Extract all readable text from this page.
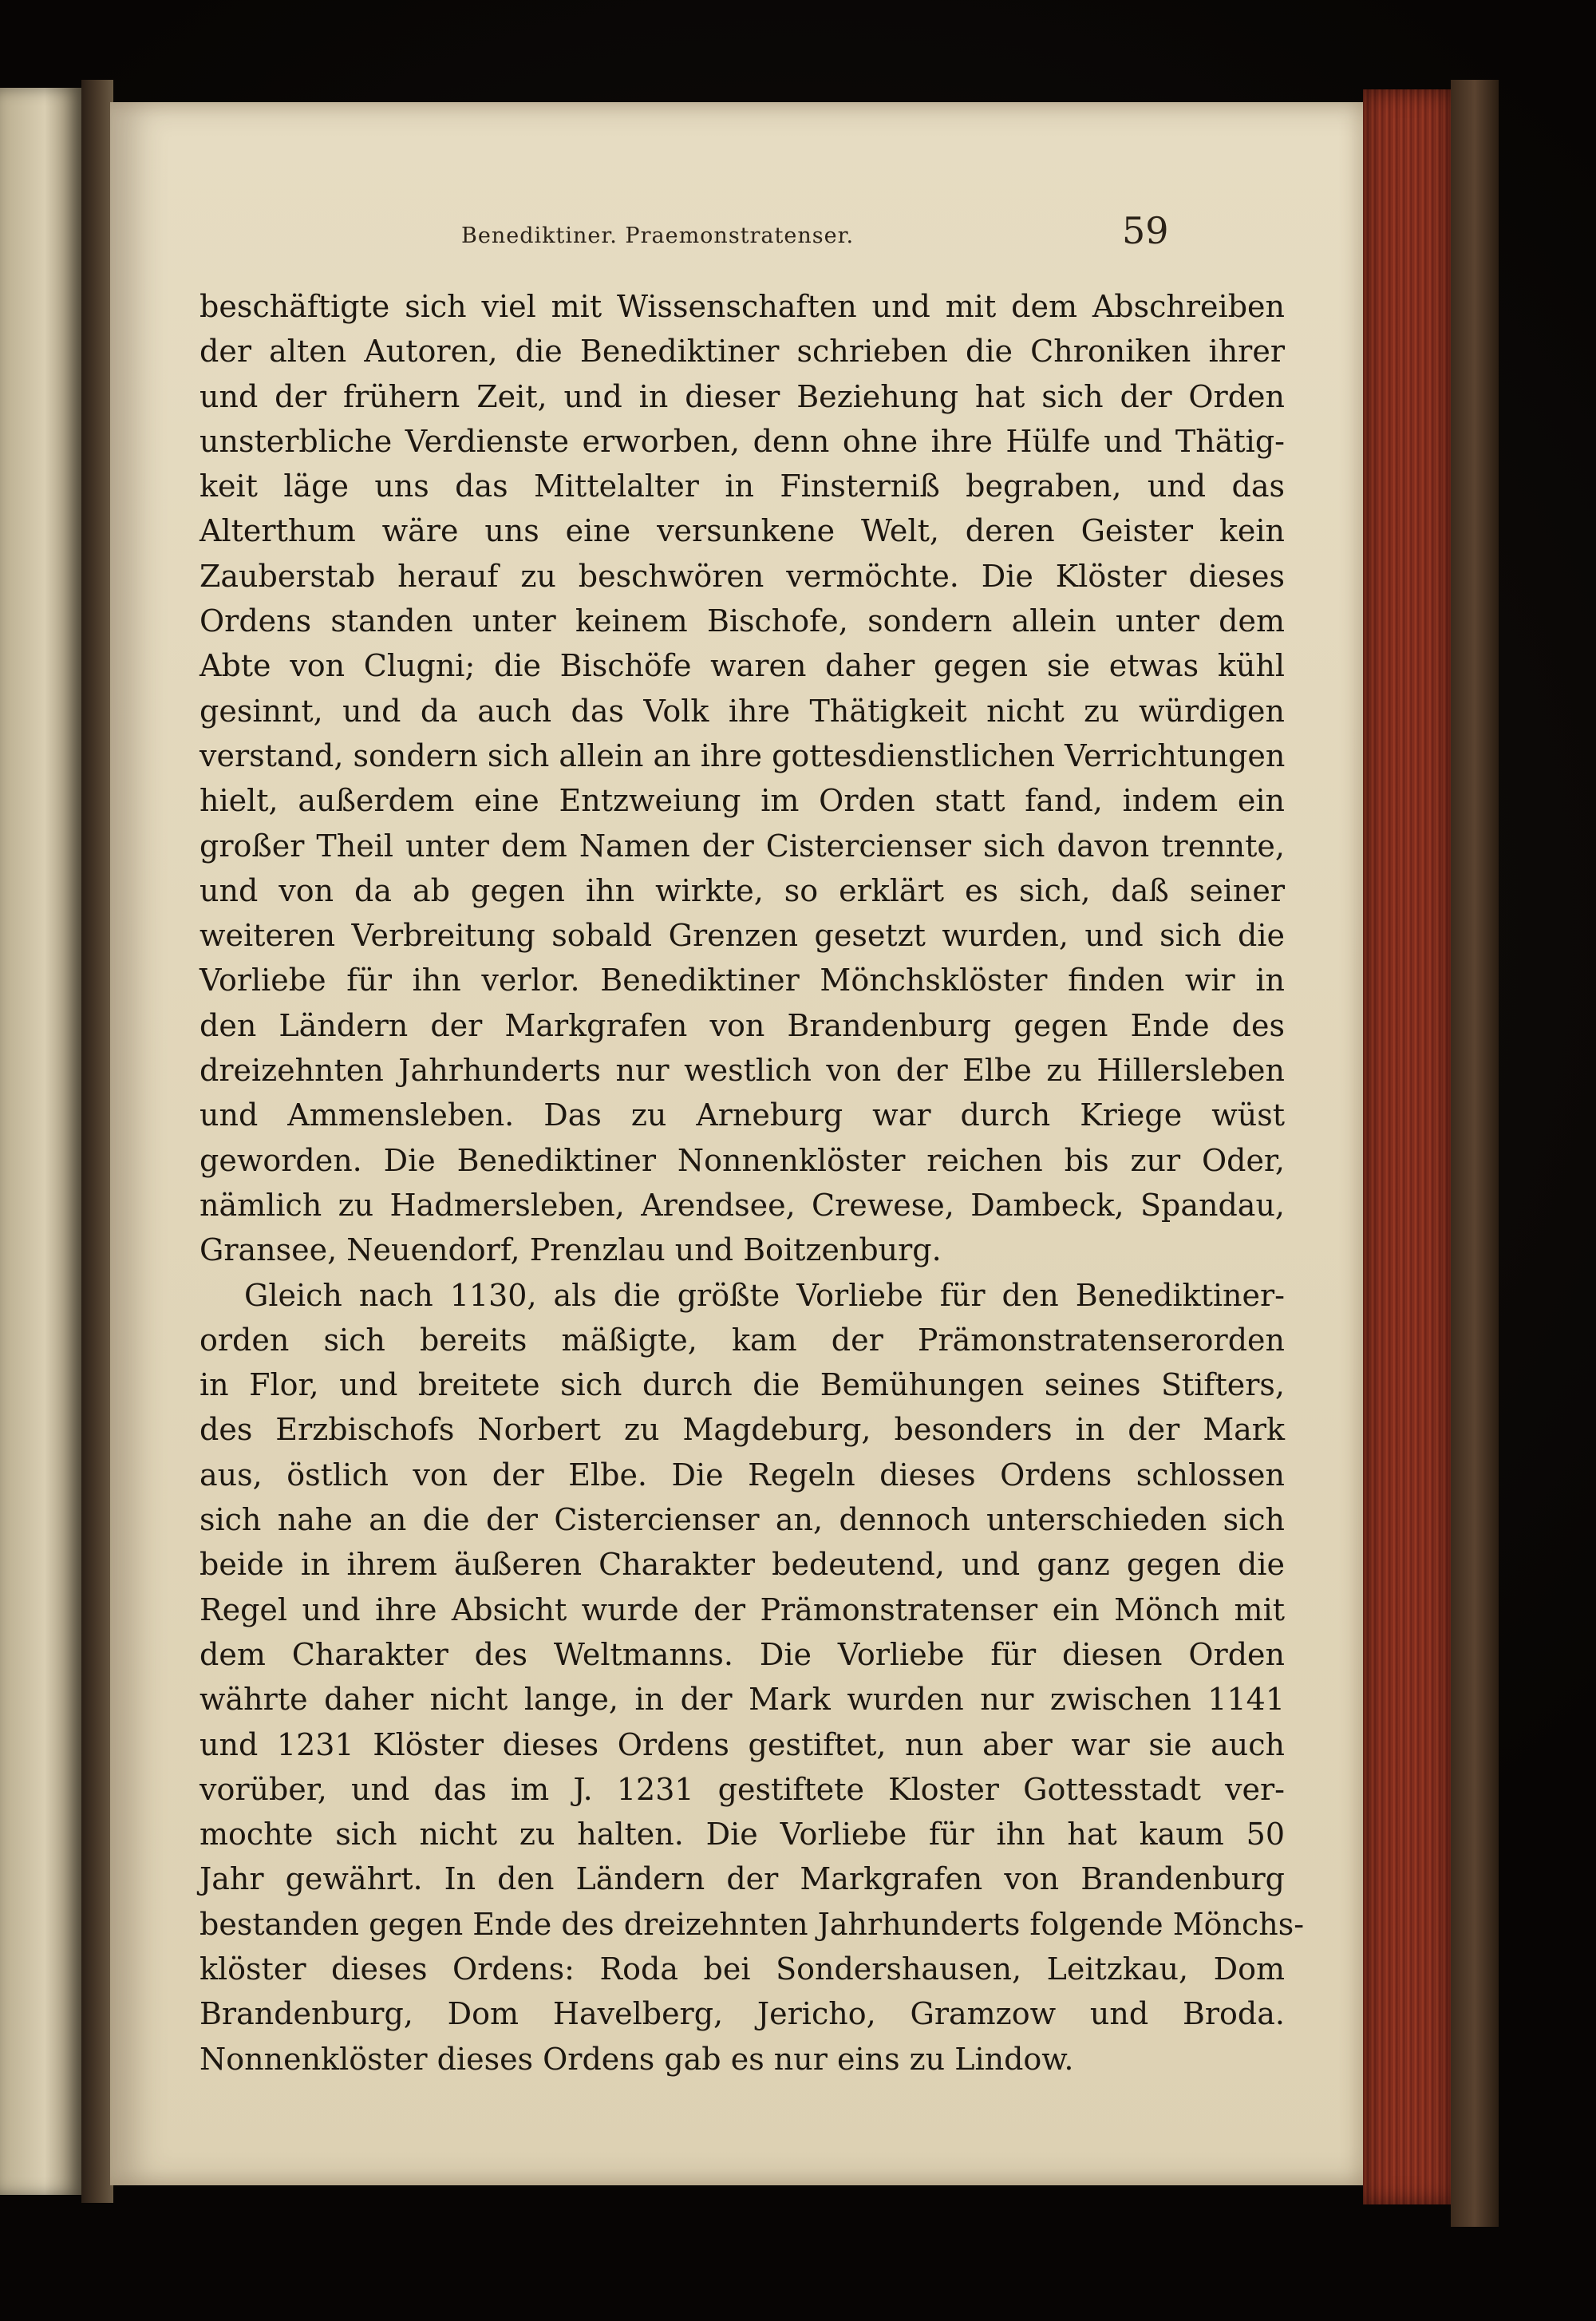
Benediktiner. Praemonstratenser.	59
beschäftigte sich viel mit Wissenschaften und mit dem Abschreiben
der alten Autoren, die Benediktiner schrieben die Chroniken ihrer
und der frühern Zeit, und in dieser Beziehung hat sich der Orden
unsterbliche Verdienste erworben, denn ohne ihre Hülfe und Thätig-
keit läge uns das Mittelalter in Finsterniß begraben, und das
Alterthum wäre uns eine versunkene Welt, deren Geister kein
Zauberstab herauf zu beschwören vermöchte. Die Klöster dieses
Ordens standen unter keinem Bischofe, sondern allein unter dem
Abte von Clugni; die Bischöfe waren daher gegen sie etwas kühl
gesinnt, und da auch das Volk ihre Thätigkeit nicht zu würdigen
verstand, sondern sich allein an ihre gottesdienstlichen Verrichtungen
hielt, außerdem eine Entzweiung im Orden statt fand, indem ein
großer Theil unter dem Namen der Cistercienser sich davon trennte,
und von da ab gegen ihn wirkte, so erklärt es sich, daß seiner
weiteren Verbreitung sobald Grenzen gesetzt wurden, und sich die
Vorliebe für ihn verlor. Benediktiner Mönchsklöster finden wir in
den Ländern der Markgrafen von Brandenburg gegen Ende des
dreizehnten Jahrhunderts nur westlich von der Elbe zu Hillersleben
und Ammensleben. Das zu Arneburg war durch Kriege wüst
geworden. Die Benediktiner Nonnenklöster reichen bis zur Oder,
nämlich zu Hadmersleben, Arendsee, Crewese, Dambeck, Spandau,
Gransee, Neuendorf, Prenzlau und Boitzenburg.
Gleich nach 1130, als die größte Vorliebe für den Benediktiner-
orden sich bereits mäßigte, kam der Prämonstratenserorden
in Flor, und breitete sich durch die Bemühungen seines Stifters,
des Erzbischofs Norbert zu Magdeburg, besonders in der Mark
aus, östlich von der Elbe. Die Regeln dieses Ordens schlossen
sich nahe an die der Cistercienser an, dennoch unterschieden sich
beide in ihrem äußeren Charakter bedeutend, und ganz gegen die
Regel und ihre Absicht wurde der Prämonstratenser ein Mönch mit
dem Charakter des Weltmanns. Die Vorliebe für diesen Orden
währte daher nicht lange, in der Mark wurden nur zwischen 1141
und 1231 Klöster dieses Ordens gestiftet, nun aber war sie auch
vorüber, und das im J. 1231 gestiftete Kloster Gottesstadt ver-
mochte sich nicht zu halten. Die Vorliebe für ihn hat kaum 50
Jahr gewährt. In den Ländern der Markgrafen von Brandenburg
bestanden gegen Ende des dreizehnten Jahrhunderts folgende Mönchs-
klöster dieses Ordens: Roda bei Sondershausen, Leitzkau, Dom
Brandenburg, Dom Havelberg, Jericho, Gramzow und Broda.
Nonnenklöster dieses Ordens gab es nur eins zu Lindow.
